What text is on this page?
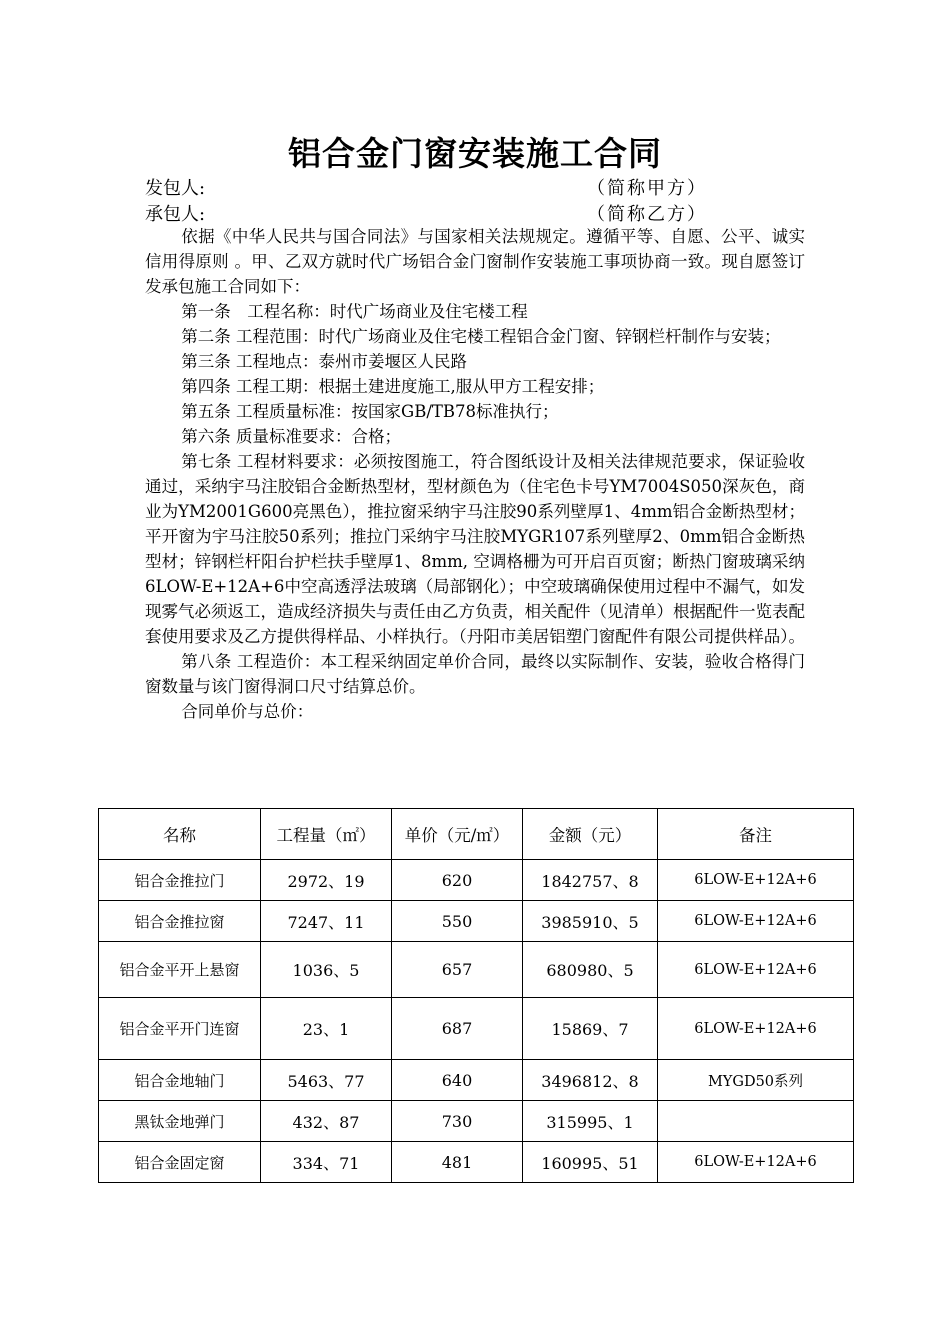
铝合金门窗安装施工合同
发包人:	（简称甲方）
承包人:	（简称乙方）

依据《中华人民共与国合同法》与国家相关法规规定。遵循平等、自愿、公平、诚实信用得原则 。甲、乙双方就时代广场铝合金门窗制作安装施工事项协商一致。现自愿签订发承包施工合同如下：

第一条　工程名称：时代广场商业及住宅楼工程

第二条 工程范围：时代广场商业及住宅楼工程铝合金门窗、锌钢栏杆制作与安装；

第三条 工程地点：泰州市姜堰区人民路

第四条 工程工期：根据土建进度施工,服从甲方工程安排；

第五条 工程质量标准：按国家GB/TB78标准执行；

第六条 质量标准要求：合格；

第七条 工程材料要求：必须按图施工，符合图纸设计及相关法律规范要求，保证验收通过，采纳宇马注胶铝合金断热型材，型材颜色为（住宅色卡号YM7004S050深灰色，商业为YM2001G600亮黑色），推拉窗采纳宇马注胶90系列壁厚1、4mm铝合金断热型材；平开窗为宇马注胶50系列；推拉门采纳宇马注胶MYGR107系列壁厚2、0mm铝合金断热型材；锌钢栏杆阳台护栏扶手壁厚1、8mm, 空调格栅为可开启百页窗；断热门窗玻璃采纳6LOW-E+12A+6中空高透浮法玻璃（局部钢化）；中空玻璃确保使用过程中不漏气，如发现雾气必须返工，造成经济损失与责任由乙方负责，相关配件（见清单）根据配件一览表配套使用要求及乙方提供得样品、小样执行。（丹阳市美居铝塑门窗配件有限公司提供样品）。

第八条 工程造价：本工程采纳固定单价合同，最终以实际制作、安装，验收合格得门窗数量与该门窗得洞口尺寸结算总价。

合同单价与总价：

名称	工程量（㎡）	单价（元/㎡）	金额（元）	备注
铝合金推拉门	2972、19	620	1842757、8	6LOW-E+12A+6
铝合金推拉窗	7247、11	550	3985910、5	6LOW-E+12A+6
铝合金平开上悬窗	1036、5	657	680980、5	6LOW-E+12A+6
铝合金平开门连窗	23、1	687	15869、7	6LOW-E+12A+6
铝合金地轴门	5463、77	640	3496812、8	MYGD50系列
黑钛金地弹门	432、87	730	315995、1	
铝合金固定窗	334、71	481	160995、51	6LOW-E+12A+6
